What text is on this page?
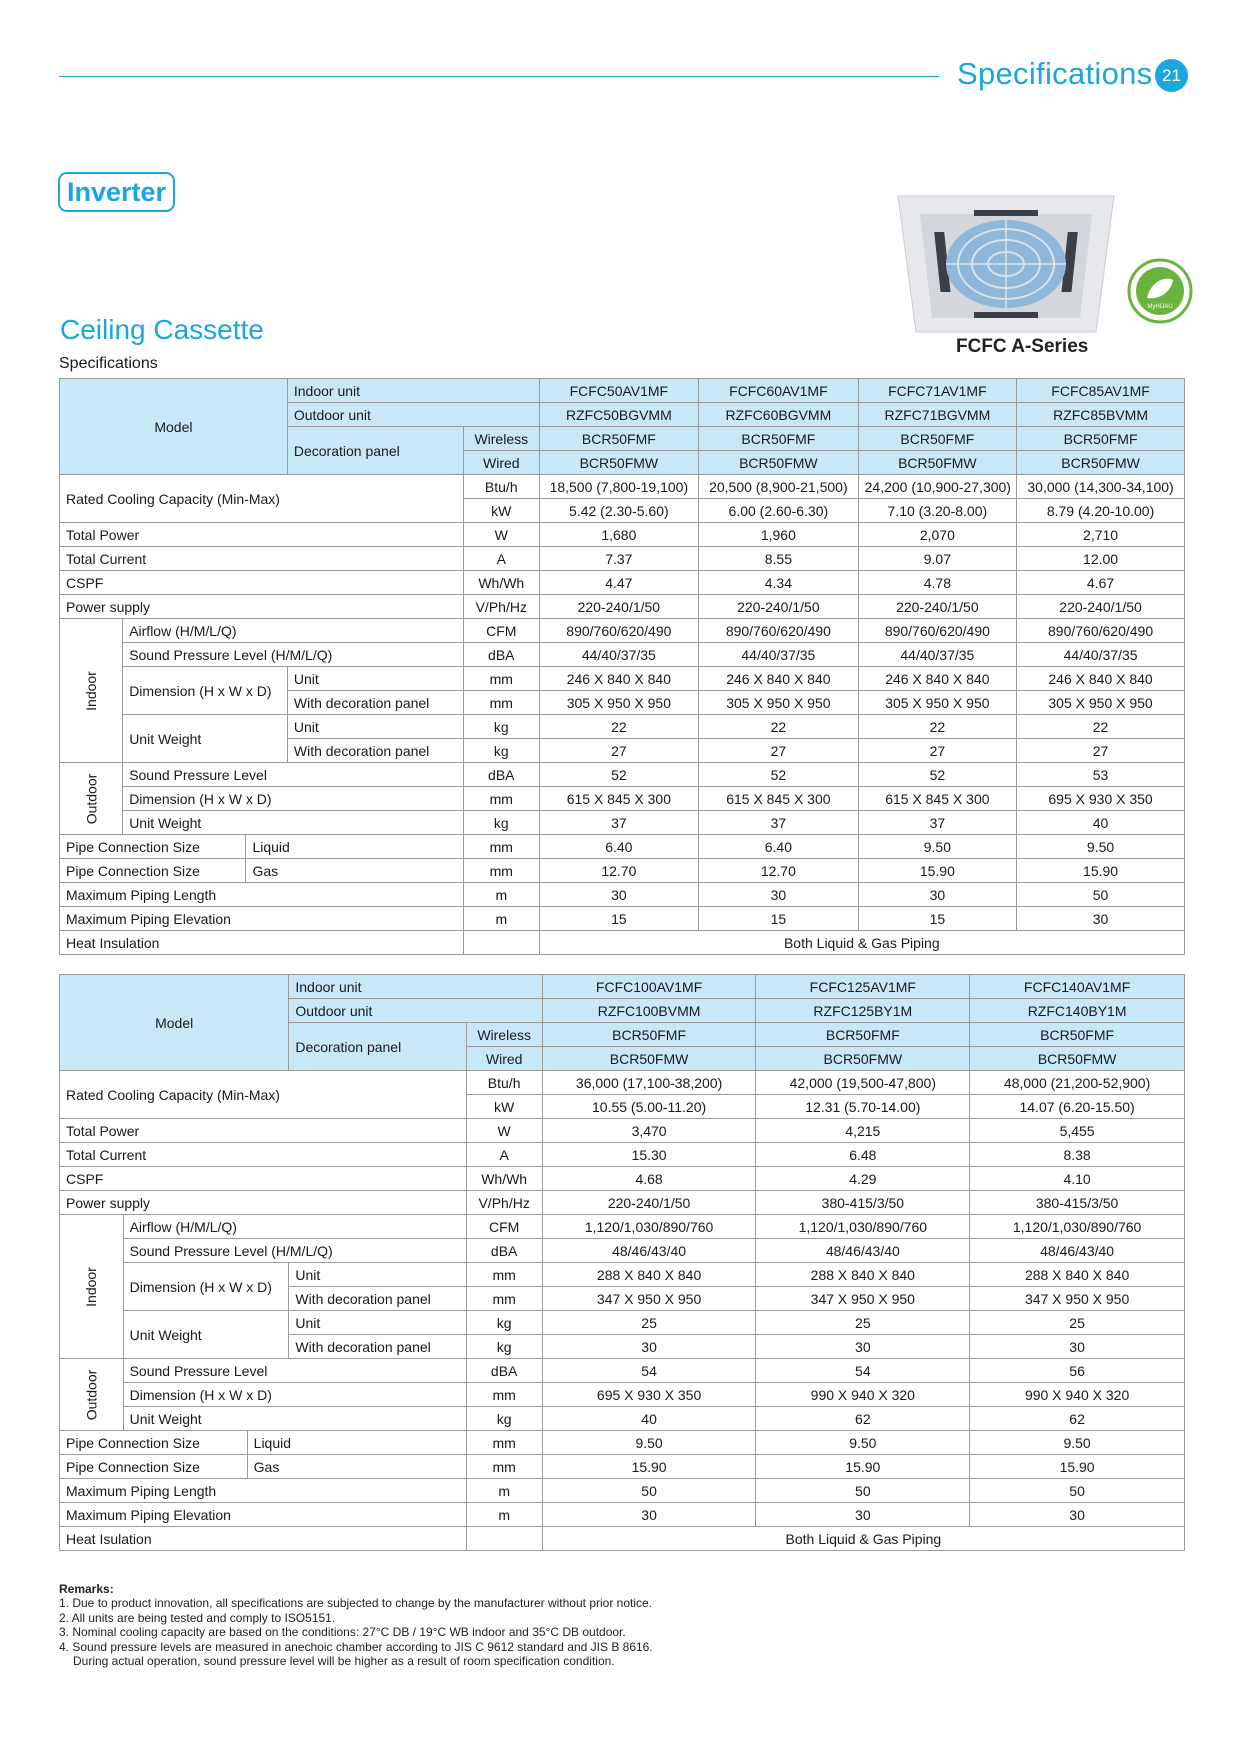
Specifications 21
Inverter
MyHIJAU
Ceiling Cassette
Specifications
FCFC A-Series
Model			Indoor unit		FCFC50AV1MF	FCFC60AV1MF	FCFC71AV1MF	FCFC85AV1MF
			Outdoor unit		RZFC50BGVMM	RZFC60BGVMM	RZFC71BGVMM	RZFC85BVMM
			Decoration panel	Wireless	BCR50FMF	BCR50FMF	BCR50FMF	BCR50FMF
				Wired	BCR50FMW	BCR50FMW	BCR50FMW	BCR50FMW
Rated Cooling Capacity (Min-Max)				Btu/h	18,500 (7,800-19,100)	20,500 (8,900-21,500)	24,200 (10,900-27,300)	30,000 (14,300-34,100)
				kW	5.42 (2.30-5.60)	6.00 (2.60-6.30)	7.10 (3.20-8.00)	8.79 (4.20-10.00)
Total Power				W	1,680	1,960	2,070	2,710
Total Current				A	7.37	8.55	9.07	12.00
CSPF				Wh/Wh	4.47	4.34	4.78	4.67
Power supply				V/Ph/Hz	220-240/1/50	220-240/1/50	220-240/1/50	220-240/1/50
Indoor	Airflow (H/M/L/Q)			CFM	890/760/620/490	890/760/620/490	890/760/620/490	890/760/620/490
	Sound Pressure Level (H/M/L/Q)			dBA	44/40/37/35	44/40/37/35	44/40/37/35	44/40/37/35
	Dimension (H x W x D)		Unit	mm	246 X 840 X 840	246 X 840 X 840	246 X 840 X 840	246 X 840 X 840
			With decoration panel	mm	305 X 950 X 950	305 X 950 X 950	305 X 950 X 950	305 X 950 X 950
	Unit Weight		Unit	kg	22	22	22	22
			With decoration panel	kg	27	27	27	27
Outdoor	Sound Pressure Level			dBA	52	52	52	53
	Dimension (H x W x D)			mm	615 X 845 X 300	615 X 845 X 300	615 X 845 X 300	695 X 930 X 350
	Unit Weight			kg	37	37	37	40
Pipe Connection Size		Liquid		mm	6.40	6.40	9.50	9.50
Pipe Connection Size		Gas		mm	12.70	12.70	15.90	15.90
Maximum Piping Length				m	30	30	30	50
Maximum Piping Elevation				m	15	15	15	30
Heat Insulation					Both Liquid & Gas Piping			
Model			Indoor unit		FCFC100AV1MF	FCFC125AV1MF	FCFC140AV1MF
			Outdoor unit		RZFC100BVMM	RZFC125BY1M	RZFC140BY1M
			Decoration panel	Wireless	BCR50FMF	BCR50FMF	BCR50FMF
				Wired	BCR50FMW	BCR50FMW	BCR50FMW
Rated Cooling Capacity (Min-Max)				Btu/h	36,000 (17,100-38,200)	42,000 (19,500-47,800)	48,000 (21,200-52,900)
				kW	10.55 (5.00-11.20)	12.31 (5.70-14.00)	14.07 (6.20-15.50)
Total Power				W	3,470	4,215	5,455
Total Current				A	15.30	6.48	8.38
CSPF				Wh/Wh	4.68	4.29	4.10
Power supply				V/Ph/Hz	220-240/1/50	380-415/3/50	380-415/3/50
Indoor	Airflow (H/M/L/Q)			CFM	1,120/1,030/890/760	1,120/1,030/890/760	1,120/1,030/890/760
	Sound Pressure Level (H/M/L/Q)			dBA	48/46/43/40	48/46/43/40	48/46/43/40
	Dimension (H x W x D)		Unit	mm	288 X 840 X 840	288 X 840 X 840	288 X 840 X 840
			With decoration panel	mm	347 X 950 X 950	347 X 950 X 950	347 X 950 X 950
	Unit Weight		Unit	kg	25	25	25
			With decoration panel	kg	30	30	30
Outdoor	Sound Pressure Level			dBA	54	54	56
	Dimension (H x W x D)			mm	695 X 930 X 350	990 X 940 X 320	990 X 940 X 320
	Unit Weight			kg	40	62	62
Pipe Connection Size		Liquid		mm	9.50	9.50	9.50
Pipe Connection Size		Gas		mm	15.90	15.90	15.90
Maximum Piping Length				m	50	50	50
Maximum Piping Elevation				m	30	30	30
Heat Isulation					Both Liquid & Gas Piping		
Remarks:
1. Due to product innovation, all specifications are subjected to change by the manufacturer without prior notice.
2. All units are being tested and comply to ISO5151.
3. Nominal cooling capacity are based on the conditions: 27°C DB / 19°C WB indoor and 35°C DB outdoor.
4. Sound pressure levels are measured in anechoic chamber according to JIS C 9612 standard and JIS B 8616.
During actual operation, sound pressure level will be higher as a result of room specification condition.
